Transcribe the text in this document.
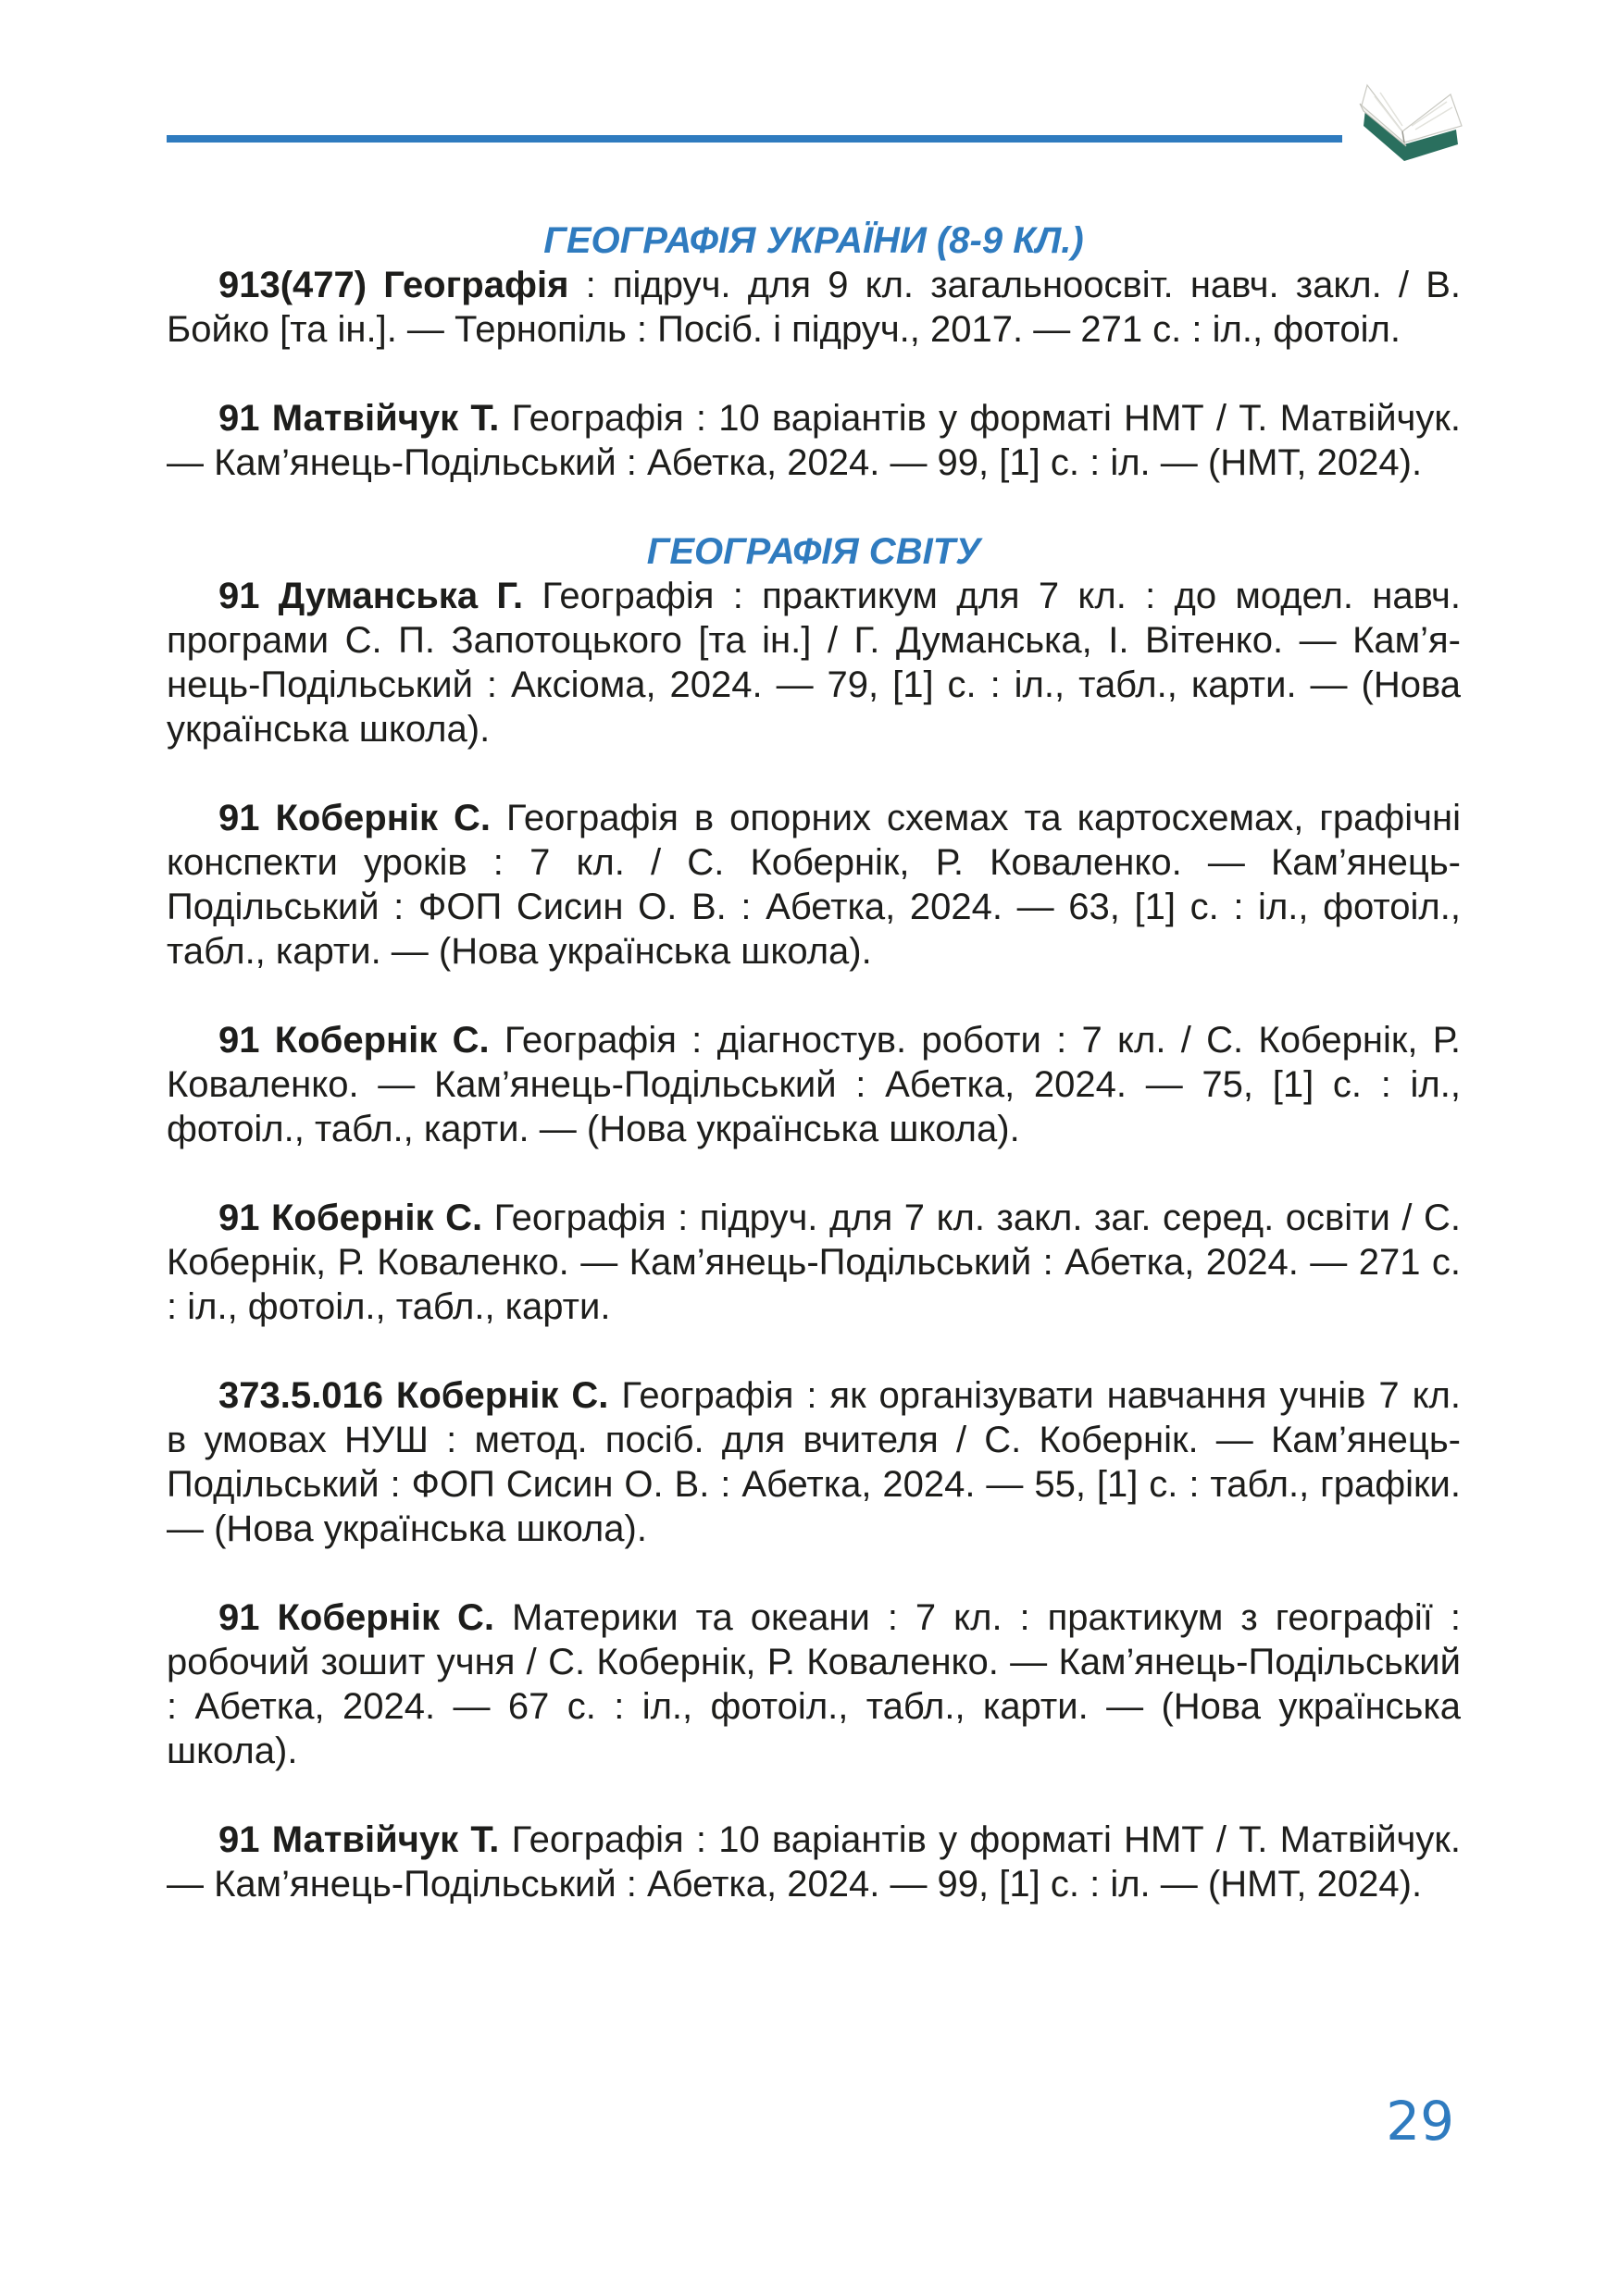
ГЕОГРАФІЯ УКРАЇНИ (8-9 КЛ.)

913(477) Географія : підруч. для 9 кл. загальноосвіт. навч. закл. / В. Бойко [та ін.]. — Тернопіль : Посіб. і підруч., 2017. — 271 с. : іл., фотоіл.

91 Матвійчук Т. Географія : 10 варіантів у форматі НМТ / Т. Матвійчук. — Кам’янець-Подільський : Абетка, 2024. — 99, [1] с. : іл. — (НМТ, 2024).

ГЕОГРАФІЯ СВІТУ

91 Думанська Г. Географія : практикум для 7 кл. : до модел. навч. програми С. П. Запотоцького [та ін.] / Г. Думанська, І. Вітенко. — Кам’янець-Подільський : Аксіома, 2024. — 79, [1] с. : іл., табл., карти. — (Нова українська школа).

91 Кобернік С. Географія в опорних схемах та картосхемах, графічні конспекти уроків : 7 кл. / С. Кобернік, Р. Коваленко. — Кам’янець-Подільський : ФОП Сисин О. В. : Абетка, 2024. — 63, [1] с. : іл., фотоіл., табл., карти. — (Нова українська школа).

91 Кобернік С. Географія : діагностув. роботи : 7 кл. / С. Кобернік, Р. Коваленко. — Кам’янець-Подільський : Абетка, 2024. — 75, [1] с. : іл., фотоіл., табл., карти. — (Нова українська школа).

91 Кобернік С. Географія : підруч. для 7 кл. закл. заг. серед. освіти / С. Кобернік, Р. Коваленко. — Кам’янець-Подільський : Абетка, 2024. — 271 с. : іл., фотоіл., табл., карти.

373.5.016 Кобернік С. Географія : як організувати навчання учнів 7 кл. в умовах НУШ : метод. посіб. для вчителя / С. Кобернік. — Кам’янець-Подільський : ФОП Сисин О. В. : Абетка, 2024. — 55, [1] с. : табл., графіки. — (Нова українська школа).

91 Кобернік С. Материки та океани : 7 кл. : практикум з географії : робочий зошит учня / С. Кобернік, Р. Коваленко. — Кам’янець-Подільський : Абетка, 2024. — 67 с. : іл., фотоіл., табл., карти. — (Нова українська школа).

91 Матвійчук Т. Географія : 10 варіантів у форматі НМТ / Т. Матвійчук. — Кам’янець-Подільський : Абетка, 2024. — 99, [1] с. : іл. — (НМТ, 2024).

29
